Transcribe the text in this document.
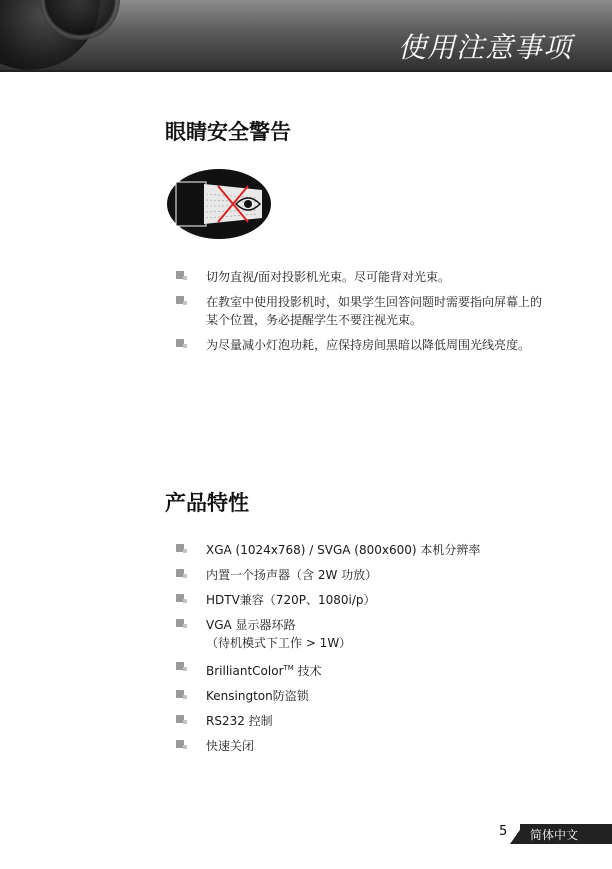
使用注意事项
眼睛安全警告
切勿直视/面对投影机光束。尽可能背对光束。
在教室中使用投影机时，如果学生回答问题时需要指向屏幕上的
某个位置，务必提醒学生不要注视光束。
为尽量减小灯泡功耗，应保持房间黑暗以降低周围光线亮度。
产品特性
XGA (1024x768) / SVGA (800x600) 本机分辨率
内置一个扬声器（含 2W 功放）
HDTV兼容（720P、1080i/p）
VGA 显示器环路
（待机模式下工作 > 1W）
BrilliantColor™ 技术
Kensington防盗锁
RS232 控制
快速关闭
5 简体中文
